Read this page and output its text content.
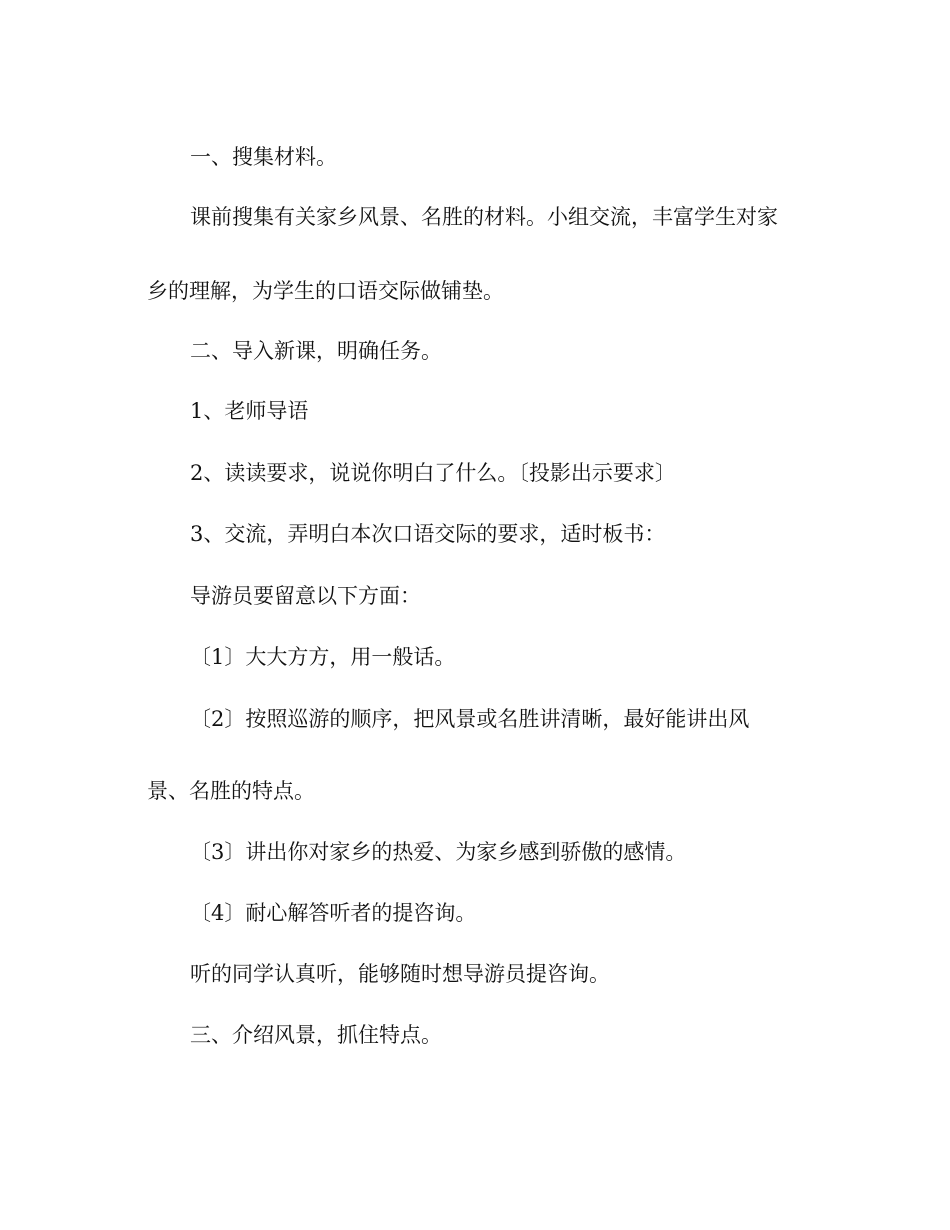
一、搜集材料。

课前搜集有关家乡风景、名胜的材料。小组交流，丰富学生对家

乡的理解，为学生的口语交际做铺垫。

二、导入新课，明确任务。

1、老师导语

2、读读要求，说说你明白了什么。〔投影出示要求〕

3、交流，弄明白本次口语交际的要求，适时板书：

导游员要留意以下方面：

〔1〕大大方方，用一般话。

〔2〕按照巡游的顺序，把风景或名胜讲清晰，最好能讲出风

景、名胜的特点。

〔3〕讲出你对家乡的热爱、为家乡感到骄傲的感情。

〔4〕耐心解答听者的提咨询。

听的同学认真听，能够随时想导游员提咨询。

三、介绍风景，抓住特点。
